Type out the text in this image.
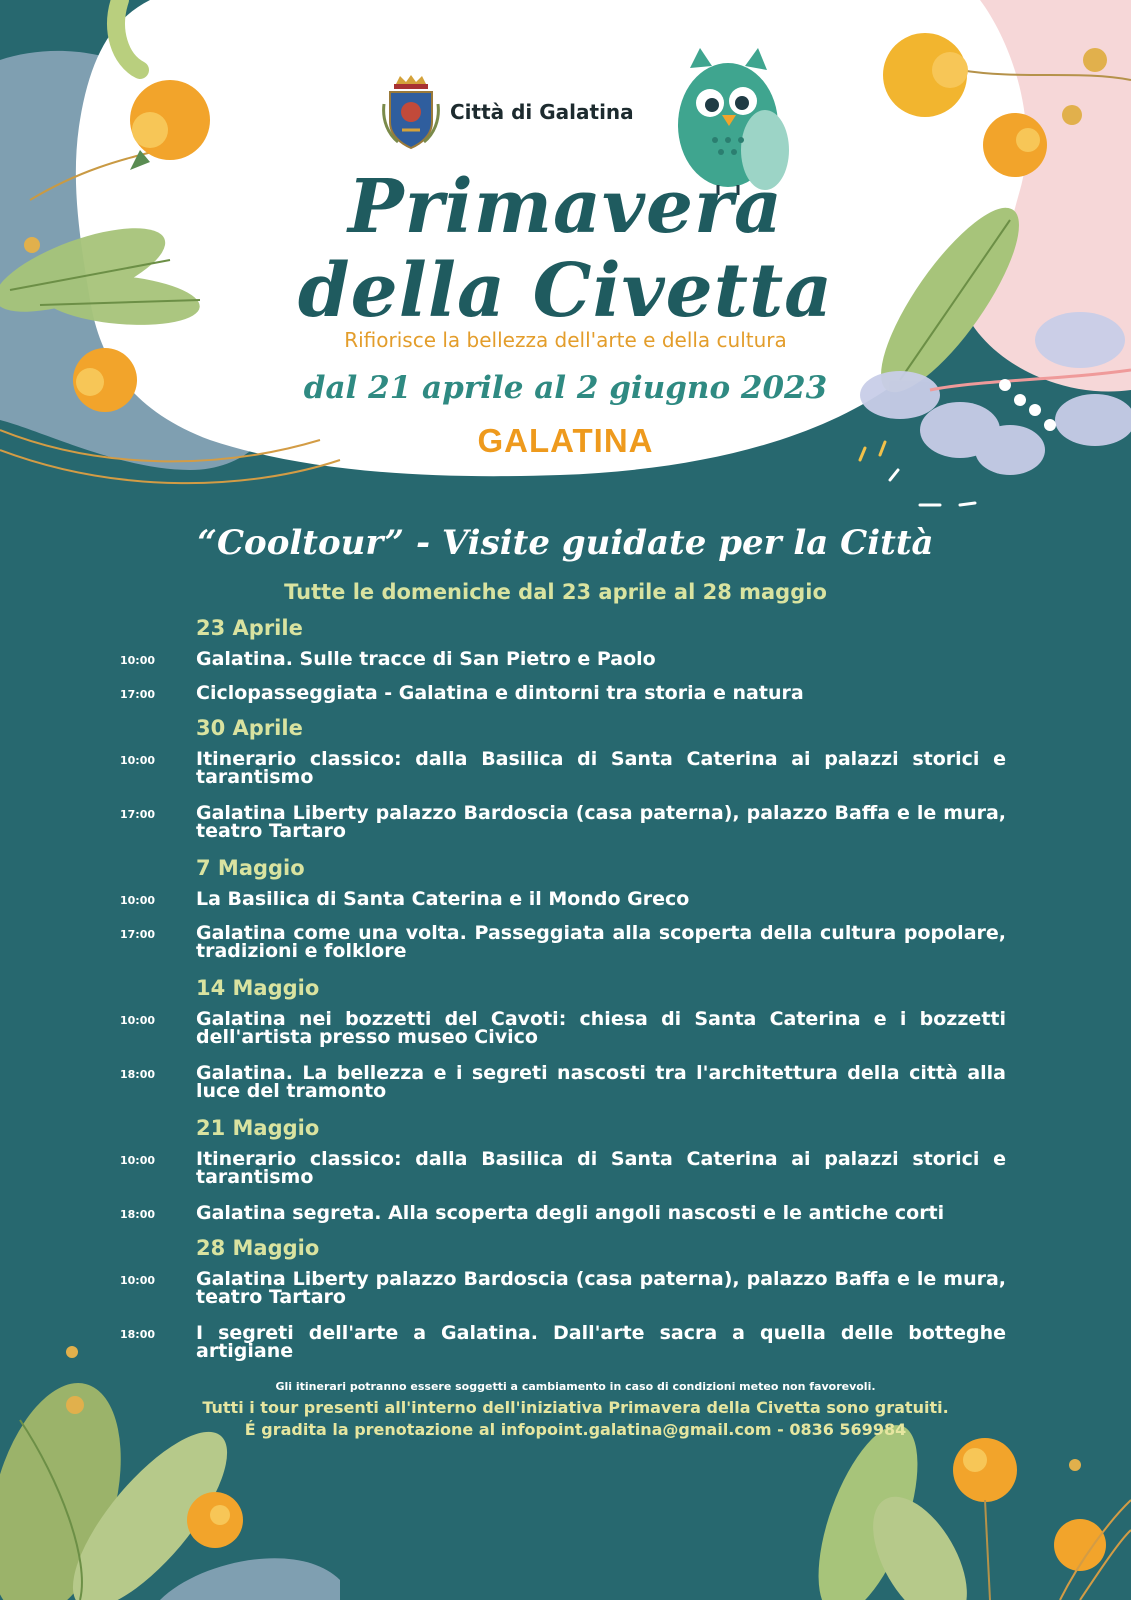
Città di Galatina
Primavera
della Civetta
Rifiorisce la bellezza dell'arte e della cultura
dal 21 aprile al 2 giugno 2023
GALATINA
“Cooltour” - Visite guidate per la Città
Tutte le domeniche dal 23 aprile al 28 maggio
23 Aprile
10:00	Galatina. Sulle tracce di San Pietro e Paolo
17:00	Ciclopasseggiata - Galatina e dintorni tra storia e natura
30 Aprile
10:00	Itinerario classico: dalla Basilica di Santa Caterina ai palazzi storici e tarantismo
17:00	Galatina Liberty palazzo Bardoscia (casa paterna), palazzo Baffa e le mura, teatro Tartaro
7 Maggio
10:00	La Basilica di Santa Caterina e il Mondo Greco
17:00	Galatina come una volta. Passeggiata alla scoperta della cultura popolare, tradizioni e folklore
14 Maggio
10:00	Galatina nei bozzetti del Cavoti: chiesa di Santa Caterina e i bozzetti dell'artista presso museo Civico
18:00	Galatina. La bellezza e i segreti nascosti tra l'architettura della città alla luce del tramonto
21 Maggio
10:00	Itinerario classico: dalla Basilica di Santa Caterina ai palazzi storici e tarantismo
18:00	Galatina segreta. Alla scoperta degli angoli nascosti e le antiche corti
28 Maggio
10:00	Galatina Liberty palazzo Bardoscia (casa paterna), palazzo Baffa e le mura, teatro Tartaro
18:00	I segreti dell'arte a Galatina. Dall'arte sacra a quella delle botteghe artigiane
Gli itinerari potranno essere soggetti a cambiamento in caso di condizioni meteo non favorevoli.
Tutti i tour presenti all'interno dell'iniziativa Primavera della Civetta sono gratuiti.
É gradita la prenotazione al infopoint.galatina@gmail.com - 0836 569984
